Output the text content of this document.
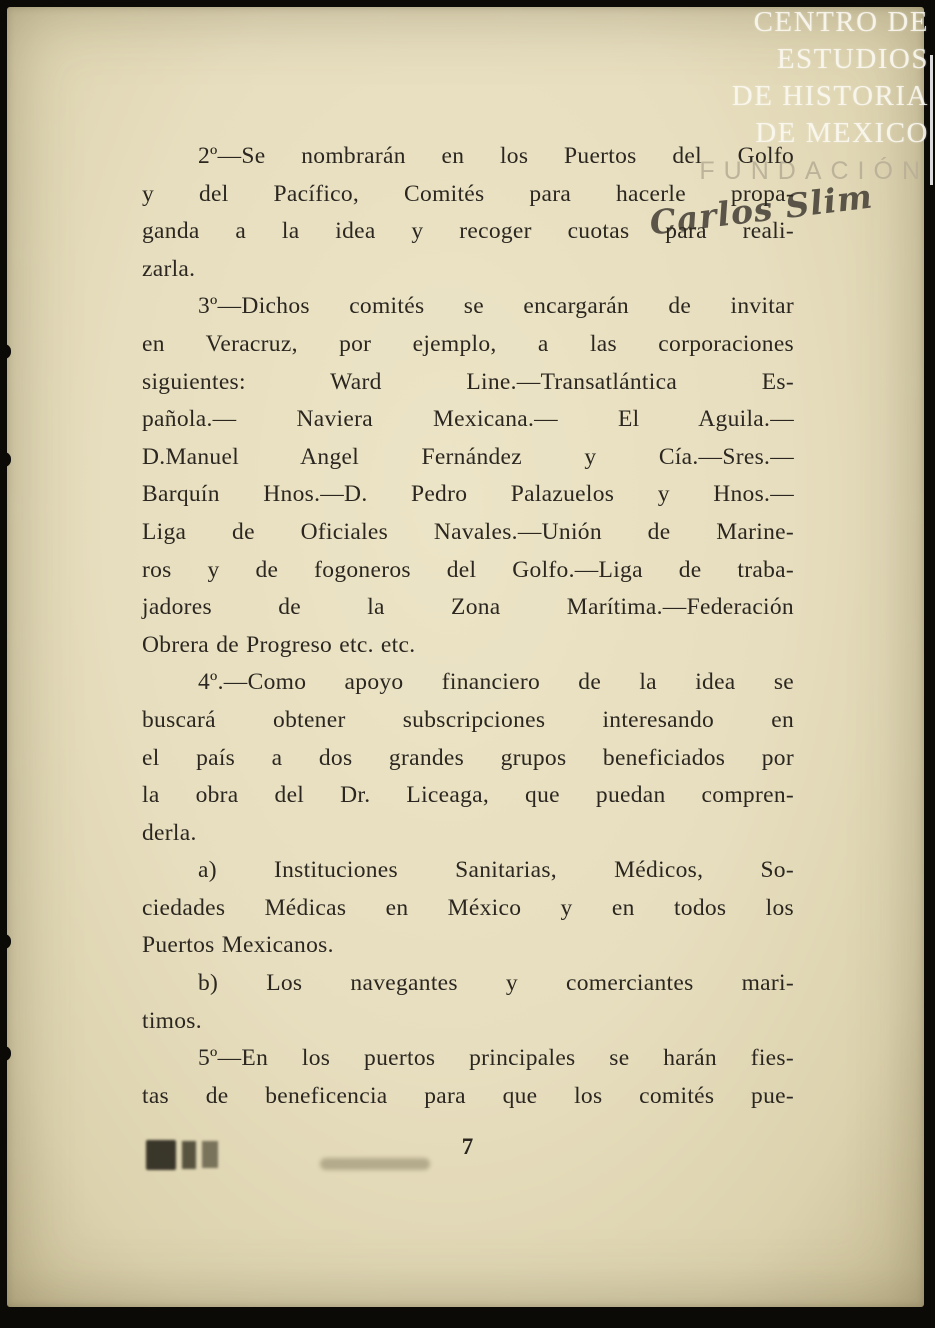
CENTRO DE
ESTUDIOS
DE HISTORIA
DE MEXICO
FUNDACIÓN
Carlos Slim
2º—Se nombrarán en los Puertos del Golfo
y del Pacífico, Comités para hacerle propa-
ganda a la idea y recoger cuotas para reali-
zarla.
3º—Dichos comités se encargarán de invitar
en Veracruz, por ejemplo, a las corporaciones
siguientes: Ward Line.—Transatlántica Es-
pañola.— Naviera Mexicana.— El Aguila.—
D.Manuel Angel Fernández y Cía.—Sres.—
Barquín Hnos.—D. Pedro Palazuelos y Hnos.—
Liga de Oficiales Navales.—Unión de Marine-
ros y de fogoneros del Golfo.—Liga de traba-
jadores de la Zona Marítima.—Federación
Obrera de Progreso etc. etc.
4º.—Como apoyo financiero de la idea se
buscará obtener subscripciones interesando en
el país a dos grandes grupos beneficiados por
la obra del Dr. Liceaga, que puedan compren-
derla.
a) Instituciones Sanitarias, Médicos, So-
ciedades Médicas en México y en todos los
Puertos Mexicanos.
b) Los navegantes y comerciantes mari-
timos.
5º—En los puertos principales se harán fies-
tas de beneficencia para que los comités pue-
7
